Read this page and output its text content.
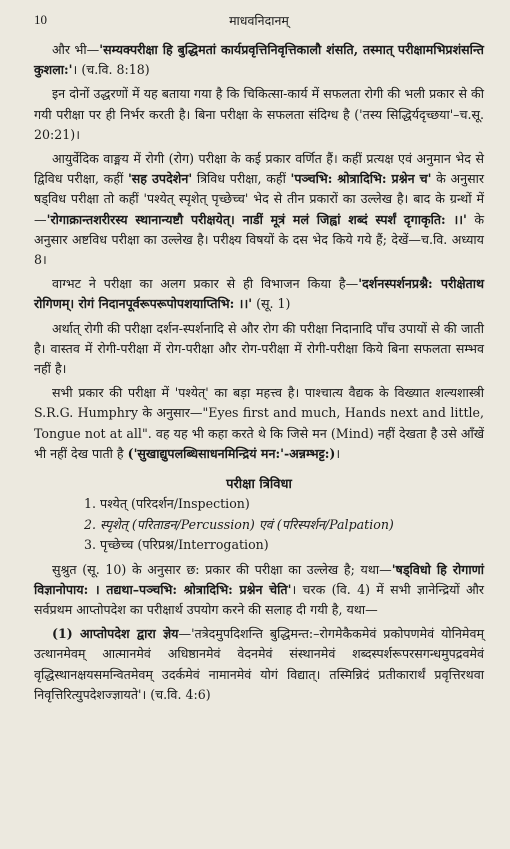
10	माधवनिदानम्

और भी—'सम्यक्परीक्षा हि बुद्धिमतां कार्यप्रवृत्तिनिवृत्तिकालौ शंसति, तस्मात् परीक्षामभिप्रशंसन्ति कुशला:'। (च.वि. 8:18)

इन दोनों उद्धरणों में यह बताया गया है कि चिकित्सा-कार्य में सफलता रोगी की भली प्रकार से की गयी परीक्षा पर ही निर्भर करती है। बिना परीक्षा के सफलता संदिग्ध है ('तस्य सिद्धिर्यदृच्छया'–च.सू. 20:21)।

आयुर्वेदिक वाङ्मय में रोगी (रोग) परीक्षा के कई प्रकार वर्णित हैं। कहीं प्रत्यक्ष एवं अनुमान भेद से द्विविध परीक्षा, कहीं 'सह उपदेशेन' त्रिविध परीक्षा, कहीं 'पञ्चभि: श्रोत्रादिभि: प्रश्नेन च' के अनुसार षड्विध परीक्षा तो कहीं 'पश्येत् स्पृशेत् पृच्छेच्च' भेद से तीन प्रकारों का उल्लेख है। बाद के ग्रन्थों में—'रोगाक्रान्तशरीरस्य स्थानान्यष्टौ परीक्षयेत्। नाडीं मूत्रं मलं जिह्वां शब्दं स्पर्शं दृगाकृति: ।।' के अनुसार अष्टविध परीक्षा का उल्लेख है। परीक्ष्य विषयों के दस भेद किये गये हैं; देखें—च.वि. अध्याय 8।

वाग्भट ने परीक्षा का अलग प्रकार से ही विभाजन किया है—'दर्शनस्पर्शनप्रश्नै: परीक्षेताथ रोगिणम्। रोगं निदानपूर्वरूपरूपोपशयाप्तिभि: ।।' (सू. 1)

अर्थात् रोगी की परीक्षा दर्शन-स्पर्शनादि से और रोग की परीक्षा निदानादि पाँच उपायों से की जाती है। वास्तव में रोगी-परीक्षा में रोग-परीक्षा और रोग-परीक्षा में रोगी-परीक्षा किये बिना सफलता सम्भव नहीं है।

सभी प्रकार की परीक्षा में 'पश्येत्' का बड़ा महत्त्व है। पाश्चात्य वैद्यक के विख्यात शल्यशास्त्री S.R.G. Humphry के अनुसार—"Eyes first and much, Hands next and little, Tongue not at all". वह यह भी कहा करते थे कि जिसे मन (Mind) नहीं देखता है उसे आँखें भी नहीं देख पाती है ('सुखाद्युपलब्धिसाधनमिन्द्रियं मन:'-अन्नम्भट्ट:)।

परीक्षा त्रिविधा
1. पश्येत् (परिदर्शन/Inspection)
2. स्पृशेत् (परिताडन/Percussion) एवं (परिस्पर्शन/Palpation)
3. पृच्छेच्च (परिप्रश्न/Interrogation)

सुश्रुत (सू. 10) के अनुसार छ: प्रकार की परीक्षा का उल्लेख है; यथा—'षड्विधो हि रोगाणां विज्ञानोपाय: । तद्यथा–पञ्चभि: श्रोत्रादिभि: प्रश्नेन चेति'। चरक (वि. 4) में सभी ज्ञानेन्द्रियों और सर्वप्रथम आप्तोपदेश का परीक्षार्थ उपयोग करने की सलाह दी गयी है, यथा—

(1) आप्तोपदेश द्वारा ज्ञेय—'तत्रेदमुपदिशन्ति बुद्धिमन्त:–रोगमेकैकमेवं प्रकोपणमेवं योनिमेवम् उत्थानमेवम् आत्मानमेवं अधिष्ठानमेवं वेदनमेवं संस्थानमेवं शब्दस्पर्शरूपरसगन्धमुपद्रवमेवं वृद्धिस्थानक्षयसमन्वितमेवम् उदर्कमेवं नामानमेवं योगं विद्यात्। तस्मिन्निदं प्रतीकारार्थं प्रवृत्तिरथवा निवृत्तिरित्युपदेशज्ज्ञायते'। (च.वि. 4:6)
